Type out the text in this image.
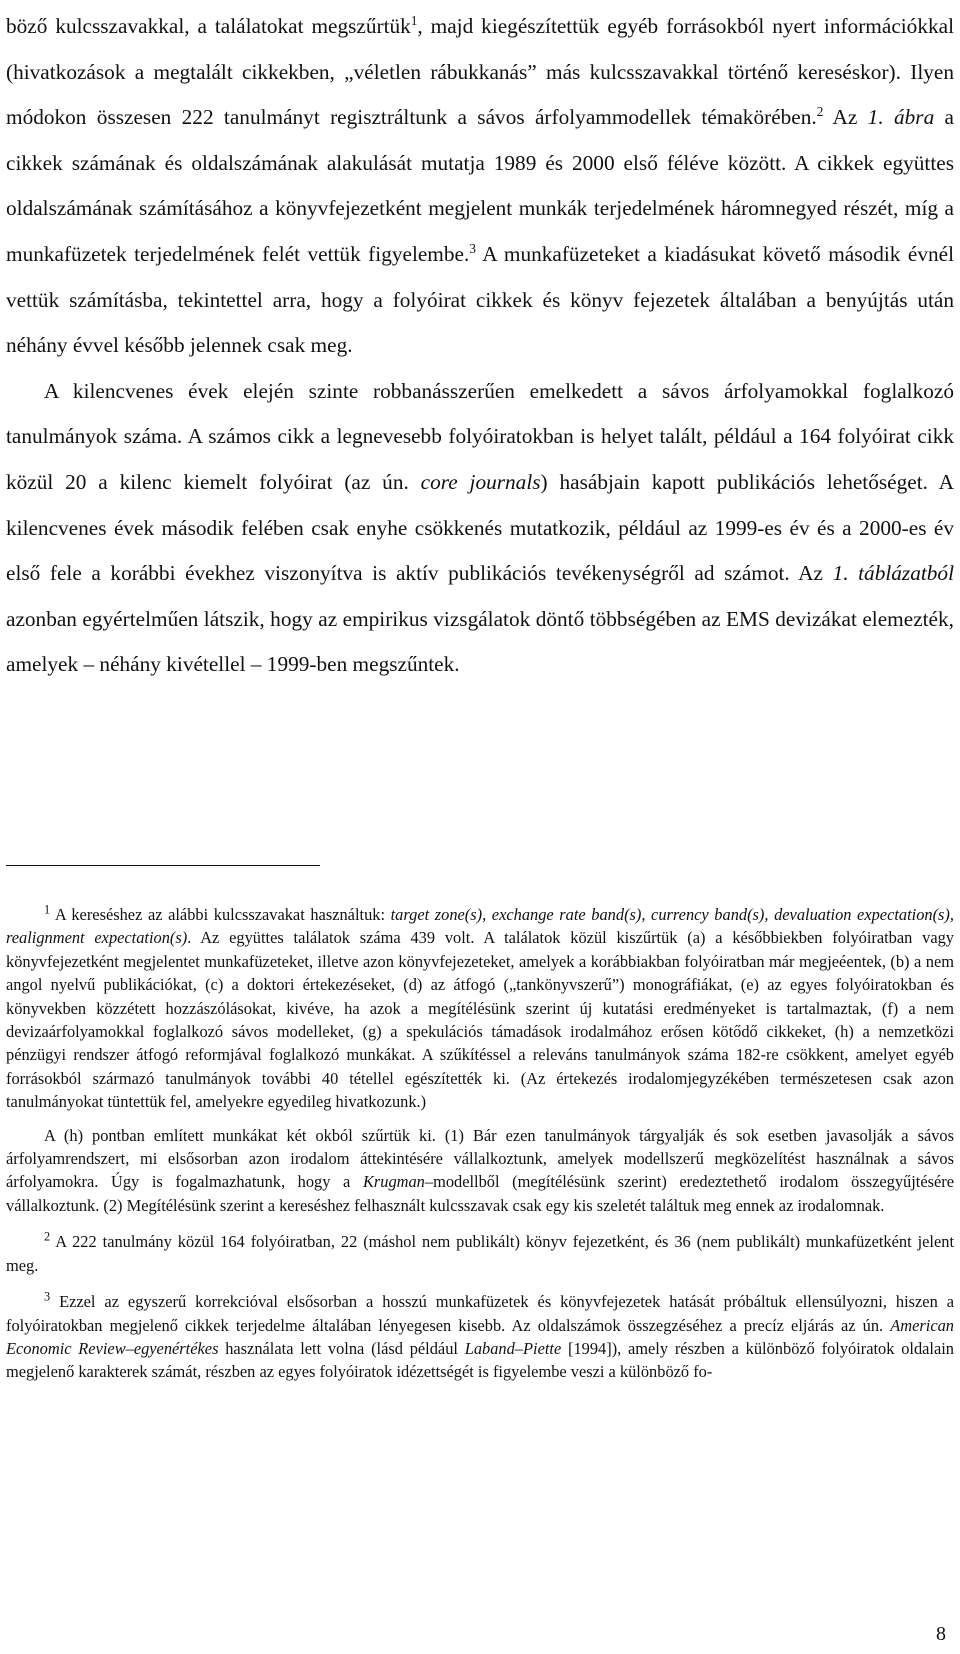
böző kulcsszavakkal, a találatokat megszűrtük$^1$, majd kiegészítettük egyéb forrásokból nyert információkkal (hivatkozások a megtalált cikkekben, „véletlen rábukkanás” más kulcsszavakkal történő kereséskor). Ilyen módokon összesen 222 tanulmányt regisztráltunk a sávos árfolyammodellek témakörében.$^2$ Az 1. ábra a cikkek számának és oldalszámának alakulását mutatja 1989 és 2000 első féléve között. A cikkek együttes oldalszámának számításához a könyvfejezetként megjelent munkák terjedelmének háromnegyed részét, míg a munkafüzetek terjedelmének felét vettük figyelembe.$^3$ A munkafüzeteket a kiadásukat követő második évnél vettük számításba, tekintettel arra, hogy a folyóirat cikkek és könyv fejezetek általában a benyújtás után néhány évvel később jelennek csak meg.

A kilencvenes évek elején szinte robbanásszerűen emelkedett a sávos árfolyamokkal foglalkozó tanulmányok száma. A számos cikk a legnevesebb folyóiratokban is helyet talált, például a 164 folyóirat cikk közül 20 a kilenc kiemelt folyóirat (az ún. core journals) hasábjain kapott publikációs lehetőséget. A kilencvenes évek második felében csak enyhe csökkenés mutatkozik, például az 1999-es év és a 2000-es év első fele a korábbi évekhez viszonyítva is aktív publikációs tevékenységről ad számot. Az 1. táblázatból azonban egyértelműen látszik, hogy az empirikus vizsgálatok döntő többségében az EMS devizákat elemezték, amelyek – néhány kivétellel – 1999-ben megszűntek.

$^1$ A kereséshez az alábbi kulcsszavakat használtuk: target zone(s), exchange rate band(s), currency band(s), devaluation expectation(s), realignment expectation(s). Az együttes találatok száma 439 volt. A találatok közül kiszűrtük (a) a későbbiekben folyóiratban vagy könyvfejezetként megjelentet munkafüzeteket, illetve azon könyvfejezeteket, amelyek a korábbiakban folyóiratban már megjeéentek, (b) a nem angol nyelvű publikációkat, (c) a doktori értekezéseket, (d) az átfogó („tankönyvszerű”) monográfiákat, (e) az egyes folyóiratokban és könyvekben közzétett hozzászólásokat, kivéve, ha azok a megítélésünk szerint új kutatási eredményeket is tartalmaztak, (f) a nem devizaárfolyamokkal foglalkozó sávos modelleket, (g) a spekulációs támadások irodalmához erősen kötődő cikkeket, (h) a nemzetközi pénzügyi rendszer átfogó reformjával foglalkozó munkákat. A szűkítéssel a releváns tanulmányok száma 182-re csökkent, amelyet egyéb forrásokból származó tanulmányok további 40 tétellel egészítették ki. (Az értekezés irodalomjegyzékében természetesen csak azon tanulmányokat tüntettük fel, amelyekre egyedileg hivatkozunk.)

A (h) pontban említett munkákat két okból szűrtük ki. (1) Bár ezen tanulmányok tárgyalják és sok esetben javasolják a sávos árfolyamrendszert, mi elsősorban azon irodalom áttekintésére vállalkoztunk, amelyek modellszerű megközelítést használnak a sávos árfolyamokra. Úgy is fogalmazhatunk, hogy a Krugman–modellből (megítélésünk szerint) eredeztethető irodalom összegyűjtésére vállalkoztunk. (2) Megítélésünk szerint a kereséshez felhasznált kulcsszavak csak egy kis szeletét találtuk meg ennek az irodalomnak.

$^2$ A 222 tanulmány közül 164 folyóiratban, 22 (máshol nem publikált) könyv fejezetként, és 36 (nem publikált) munkafüzetként jelent meg.

$^3$ Ezzel az egyszerű korrekcióval elsősorban a hosszú munkafüzetek és könyvfejezetek hatását próbáltuk ellensúlyozni, hiszen a folyóiratokban megjelenő cikkek terjedelme általában lényegesen kisebb. Az oldalszámok összegzéséhez a precíz eljárás az ún. American Economic Review–egyenértékes használata lett volna (lásd például Laband–Piette [1994]), amely részben a különböző folyóiratok oldalain megjelenő karakterek számát, részben az egyes folyóiratok idézettségét is figyelembe veszi a különböző fo-

8
